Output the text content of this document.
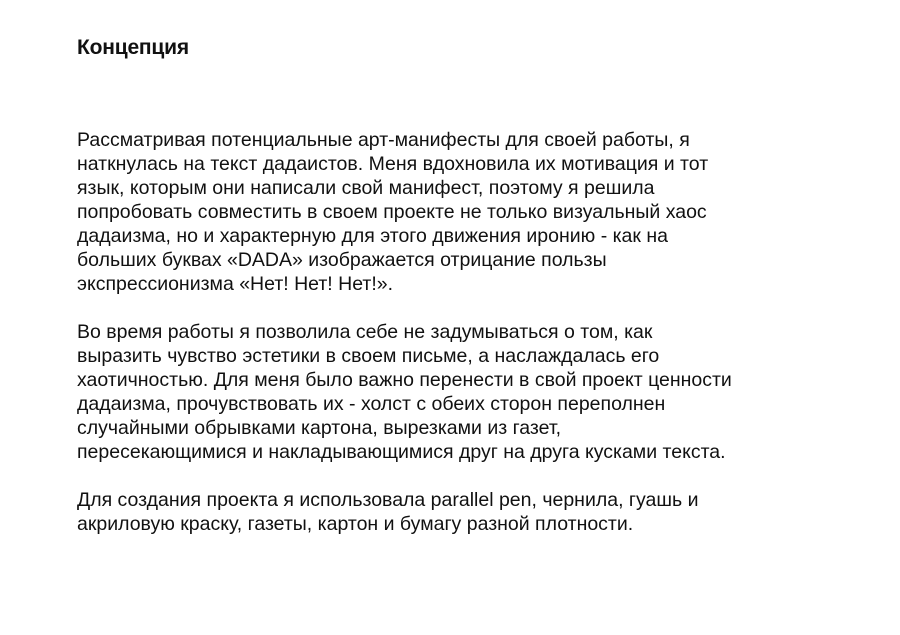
Концепция

Рассматривая потенциальные арт-манифесты для своей работы, я
наткнулась на текст дадаистов. Меня вдохновила их мотивация и тот
язык, которым они написали свой манифест, поэтому я решила
попробовать совместить в своем проекте не только визуальный хаос
дадаизма, но и характерную для этого движения иронию - как на
больших буквах «DADA» изображается отрицание пользы
экспрессионизма «Нет! Нет! Нет!».

Во время работы я позволила себе не задумываться о том, как
выразить чувство эстетики в своем письме, а наслаждалась его
хаотичностью. Для меня было важно перенести в свой проект ценности
дадаизма, прочувствовать их - холст с обеих сторон переполнен
случайными обрывками картона, вырезками из газет,
пересекающимися и накладывающимися друг на друга кусками текста.

Для создания проекта я использовала parallel pen, чернила, гуашь и
акриловую краску, газеты, картон и бумагу разной плотности.
